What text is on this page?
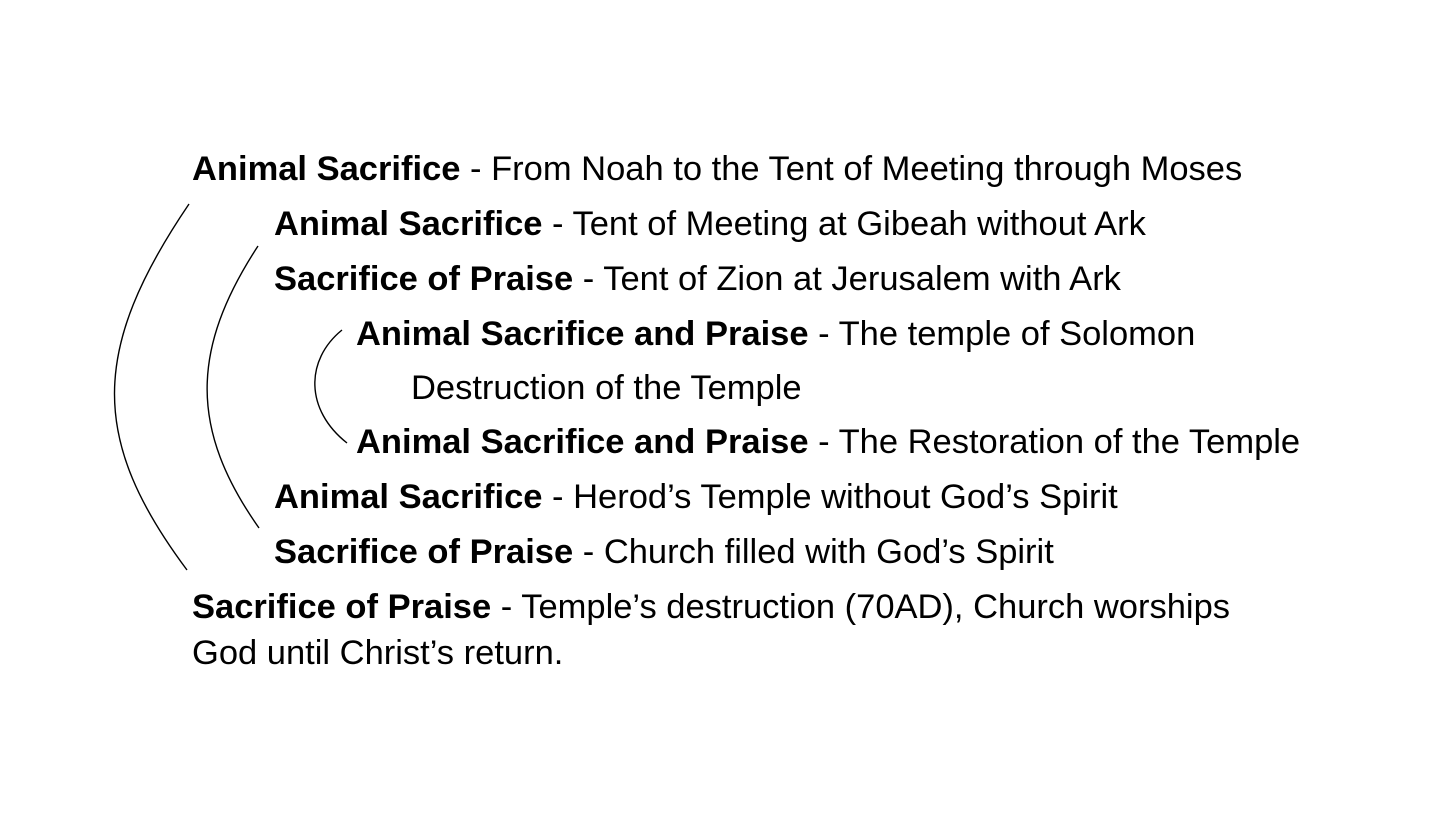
Animal Sacrifice - From Noah to the Tent of Meeting through Moses
Animal Sacrifice - Tent of Meeting at Gibeah without Ark
Sacrifice of Praise - Tent of Zion at Jerusalem with Ark
Animal Sacrifice and Praise - The temple of Solomon
Destruction of the Temple
Animal Sacrifice and Praise - The Restoration of the Temple
Animal Sacrifice - Herod’s Temple without God’s Spirit
Sacrifice of Praise - Church filled with God’s Spirit
Sacrifice of Praise - Temple’s destruction (70AD), Church worships
God until Christ’s return.
